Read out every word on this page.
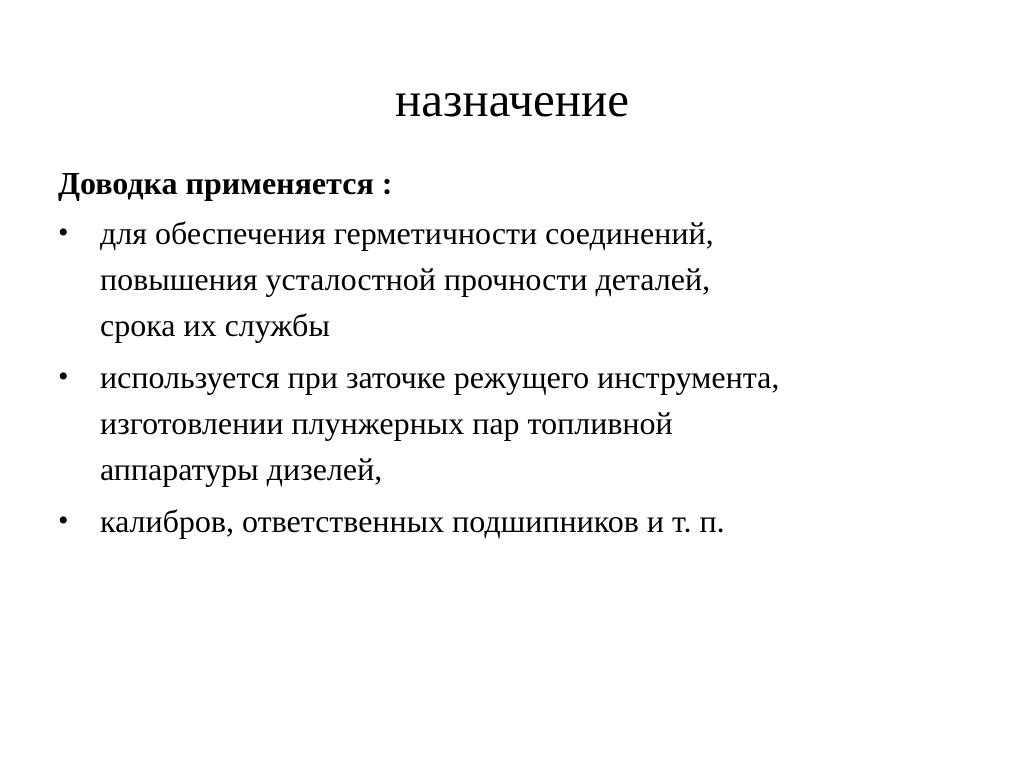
назначение
Доводка применяется :
• для обеспечения герметичности соединений,
повышения усталостной прочности деталей,
срока их службы
• используется при заточке режущего инструмента,
изготовлении плунжерных пар топливной
аппаратуры дизелей,
• калибров, ответственных подшипников и т. п.
